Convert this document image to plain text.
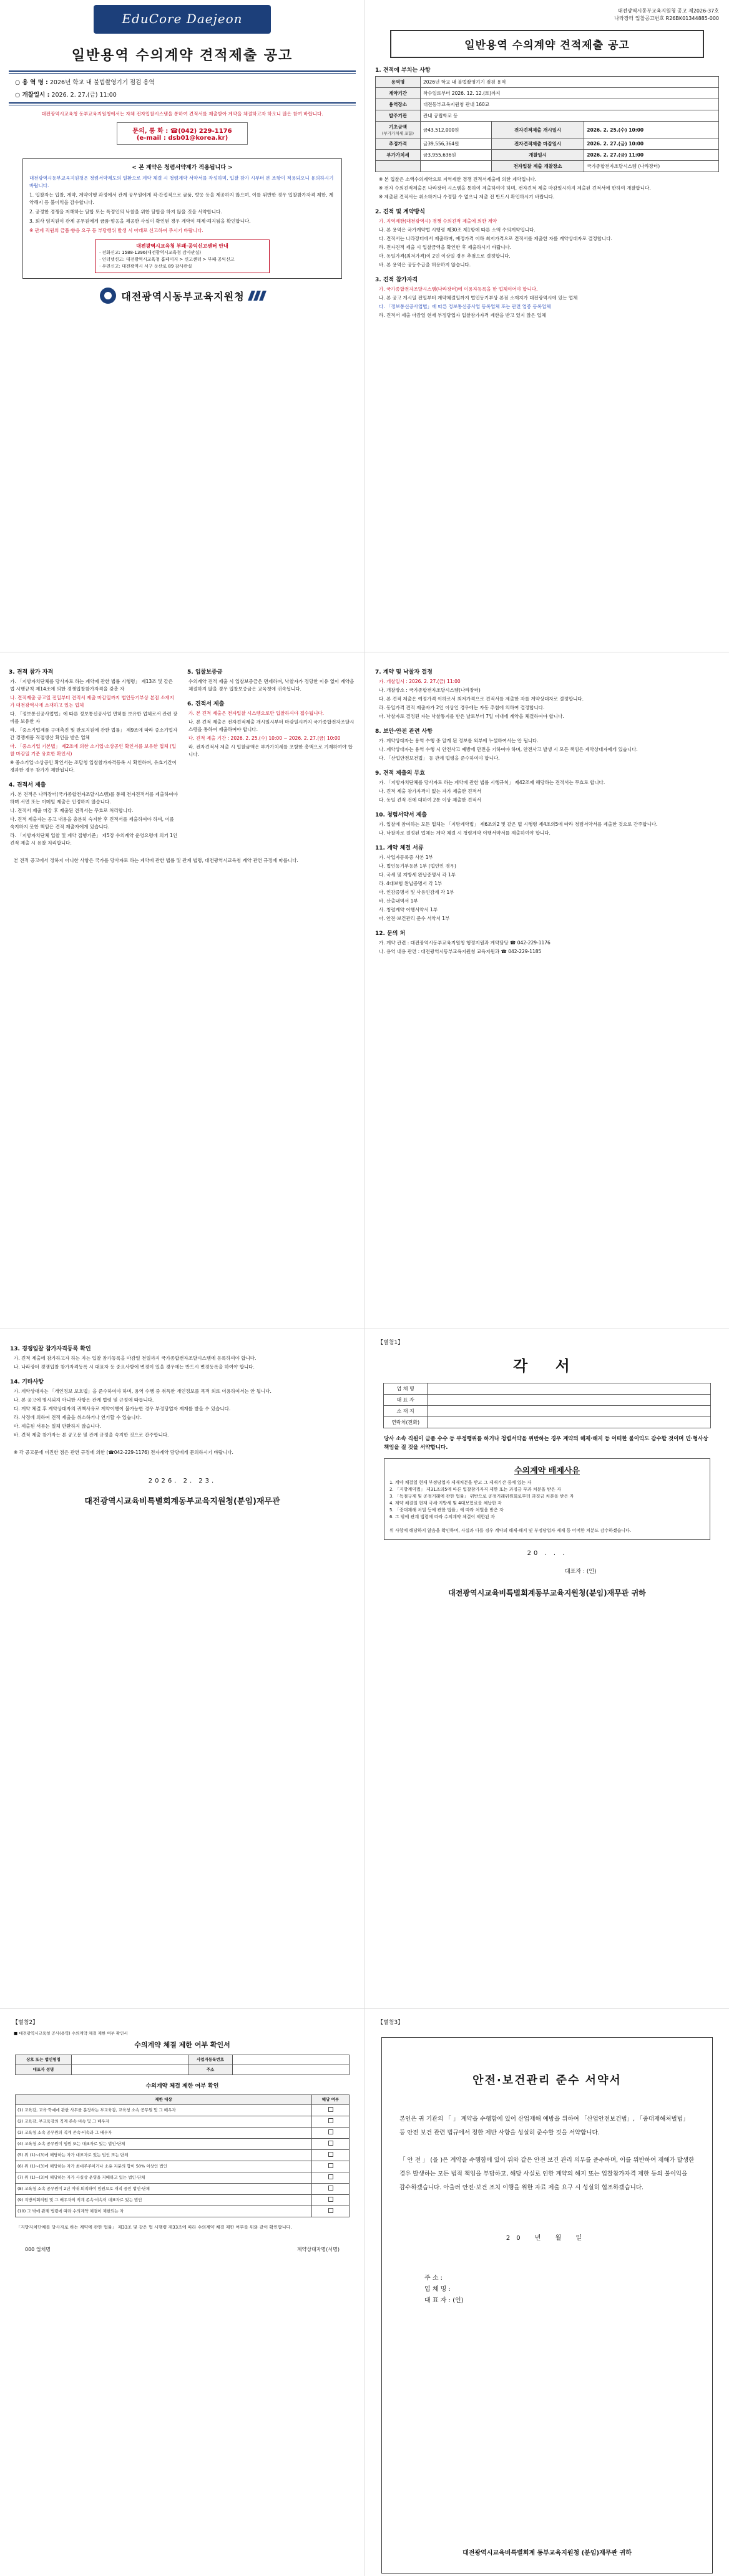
EduCore Daejeon
일반용역 수의계약 견적제출 공고
○ 용 역 명 : 2026년 학교 내 불법촬영기기 점검 용역
○ 개찰일시 : 2026. 2. 27.(금) 11:00
대전광역시교육청 동부교육지원청에서는 자체 전자입찰시스템을 통하여 견적서를 제출받아 계약을 체결하고자 하오니 많은 참여 바랍니다.
문의, 통 화 : ☎(042) 229-1176
(e-mail : dsb01@korea.kr)
< 본 계약은 청렴서약제가 적용됩니다 >

대전광역시동부교육지원청은 청렴서약제도의 일환으로 계약 체결 시 청렴계약 서약서를 작성하며, 입찰 참가 시부터 본 조항이 적용되오니 유의하시기 바랍니다.

1. 입찰자는 입찰, 계약, 계약이행 과정에서 관계 공무원에게 직·간접적으로 금품, 향응 등을 제공하지 않으며, 이를 위반한 경우 입찰참가자격 제한, 계약해지 등 불이익을 감수합니다.

2. 공정한 경쟁을 저해하는 담합 또는 특정인의 낙찰을 위한 담합을 하지 않을 것을 서약합니다.

3. 회사 임직원이 관계 공무원에게 금품·향응을 제공한 사실이 확인된 경우 계약이 해제·해지됨을 확인합니다.

※ 관계 직원의 금품·향응 요구 등 부당행위 발생 시 아래로 신고하여 주시기 바랍니다.

대전광역시교육청 부패·공익신고센터 안내
· 전화신고: 1588-1396(대전광역시교육청 감사관실)
· 인터넷신고: 대전광역시교육청 홈페이지 > 신고센터 > 부패·공익신고
· 우편신고: 대전광역시 서구 둔산로 89 감사관실
대전광역시동부교육지원청
대전광역시동부교육지원청 공고 제2026-37호
나라장터 입찰공고번호 R26BK01344885-000
일반용역 수의계약 견적제출 공고
1. 견적에 부치는 사항
용역명	2026년 학교 내 불법촬영기기 점검 용역		
계약기간	착수일로부터 2026. 12. 12.(토)까지		
용역장소	대전동부교육지원청 관내 160교		
발주기관	관내 공립학교 등		
기초금액
(부가가치세 포함)	금43,512,000원	전자견적제출 개시일시	2026. 2. 25.(수) 10:00
추정가격	금39,556,364원	전자견적제출 마감일시	2026. 2. 27.(금) 10:00
부가가치세	금3,955,636원	개찰일시	2026. 2. 27.(금) 11:00
		전자입찰 제출 개찰장소	국가종합전자조달시스템 (나라장터)
※ 본 입찰은 소액수의계약으로 지역제한 경쟁 견적서제출에 의한 계약입니다.
※ 전자 수의견적제출은 나라장터 시스템을 통하여 제출하여야 하며, 전자견적 제출 마감일시까지 제출된 견적서에 한하여 개찰합니다.
※ 제출된 견적서는 취소하거나 수정할 수 없으니 제출 전 반드시 확인하시기 바랍니다.
2. 견적 및 계약방식
가. 지역제한(대전광역시) 경쟁 수의견적 제출에 의한 계약
나. 본 용역은 국가계약법 시행령 제30조 제1항에 따른 소액 수의계약입니다.
다. 견적서는 나라장터에서 제출하며, 예정가격 이하 최저가격으로 견적서를 제출한 자를 계약상대자로 결정합니다.
라. 전자견적 제출 시 입찰금액을 확인한 후 제출하시기 바랍니다.
마. 동일가격(최저가격)이 2인 이상일 경우 추첨으로 결정합니다.
바. 본 용역은 공동수급을 허용하지 않습니다.
3. 견적 참가자격
가. 국가종합전자조달시스템(나라장터)에 이용자등록을 한 업체이어야 합니다.
나. 본 공고 게시일 전일부터 계약체결일까지 법인등기부상 본점 소재지가 대전광역시에 있는 업체
다. 「정보통신공사업법」에 따른 정보통신공사업 등록업체 또는 관련 업종 등록업체
라. 견적서 제출 마감일 현재 부정당업자 입찰참가자격 제한을 받고 있지 않은 업체
3. 견적 참가 자격
가. 「지방자치단체를 당사자로 하는 계약에 관한 법률 시행령」 제13조 및 같은 법 시행규칙 제14조에 의한 경쟁입찰참가자격을 갖춘 자
나. 견적제출 공고일 전일부터 견적서 제출 마감일까지 법인등기부상 본점 소재지가 대전광역시에 소재하고 있는 업체
다. 「정보통신공사업법」에 따른 정보통신공사업 면허를 보유한 업체로서 관련 장비를 보유한 자
라. 「중소기업제품 구매촉진 및 판로지원에 관한 법률」 제9조에 따라 중소기업자간 경쟁제품 직접생산 확인을 받은 업체
마. 「중소기업 기본법」 제2조에 의한 소기업·소상공인 확인서를 보유한 업체 (입찰 마감일 기준 유효한 확인서)
※ 중소기업·소상공인 확인서는 조달청 입찰참가자격등록 시 확인하며, 유효기간이 경과한 경우 참가가 제한됩니다.
4. 견적서 제출
가. 본 견적은 나라장터(국가종합전자조달시스템)를 통해 전자견적서를 제출하여야 하며 서면 또는 이메일 제출은 인정하지 않습니다.
나. 견적서 제출 마감 후 제출된 견적서는 무효로 처리합니다.
다. 견적 제출자는 공고 내용을 충분히 숙지한 후 견적서를 제출하여야 하며, 이를 숙지하지 못한 책임은 견적 제출자에게 있습니다.
라. 「지방자치단체 입찰 및 계약 집행기준」 제5장 수의계약 운영요령에 의거 1인 견적 제출 시 유찰 처리합니다.
5. 입찰보증금
수의계약 견적 제출 시 입찰보증금은 면제하며, 낙찰자가 정당한 이유 없이 계약을 체결하지 않을 경우 입찰보증금은 교육청에 귀속됩니다.
6. 견적서 제출
가. 본 견적 제출은 전자입찰 시스템으로만 입찰하셔야 접수됩니다.
나. 본 견적 제출은 전자견적제출 개시일시부터 마감일시까지 국가종합전자조달시스템을 통하여 제출하여야 합니다.
다. 견적 제출 기간 : 2026. 2. 25.(수) 10:00 ~ 2026. 2. 27.(금) 10:00
라. 전자견적서 제출 시 입찰금액은 부가가치세를 포함한 총액으로 기재하여야 합니다.
본 견적 공고에서 정하지 아니한 사항은 국가를 당사자로 하는 계약에 관한 법률 및 관계 법령, 대전광역시교육청 계약 관련 규정에 따릅니다.
7. 계약 및 낙찰자 결정
가. 개찰일시 : 2026. 2. 27.(금) 11:00
나. 개찰장소 : 국가종합전자조달시스템(나라장터)
다. 본 견적 제출은 예정가격 이하로서 최저가격으로 견적서를 제출한 자를 계약상대자로 결정합니다.
라. 동일가격 견적 제출자가 2인 이상인 경우에는 자동 추첨에 의하여 결정합니다.
마. 낙찰자로 결정된 자는 낙찰통지를 받은 날로부터 7일 이내에 계약을 체결하여야 합니다.
8. 보안·안전 관련 사항
가. 계약상대자는 용역 수행 중 알게 된 정보를 외부에 누설하여서는 안 됩니다.
나. 계약상대자는 용역 수행 시 안전사고 예방에 만전을 기하여야 하며, 안전사고 발생 시 모든 책임은 계약상대자에게 있습니다.
다. 「산업안전보건법」 등 관계 법령을 준수하여야 합니다.
9. 견적 제출의 무효
가. 「지방자치단체를 당사자로 하는 계약에 관한 법률 시행규칙」 제42조에 해당하는 견적서는 무효로 합니다.
나. 견적 제출 참가자격이 없는 자가 제출한 견적서
다. 동일 견적 건에 대하여 2통 이상 제출한 견적서
10. 청렴서약서 제출
가. 입찰에 참여하는 모든 업체는 「지방계약법」 제6조의2 및 같은 법 시행령 제4조의5에 따라 청렴서약서를 제출한 것으로 간주합니다.
나. 낙찰자로 결정된 업체는 계약 체결 시 청렴계약 이행서약서를 제출하여야 합니다.
11. 계약 체결 서류
가. 사업자등록증 사본 1부
나. 법인등기부등본 1부 (법인인 경우)
다. 국세 및 지방세 완납증명서 각 1부
라. 4대보험 완납증명서 각 1부
마. 인감증명서 및 사용인감계 각 1부
바. 산출내역서 1부
사. 청렴계약 이행서약서 1부
아. 안전·보건관리 준수 서약서 1부
12. 문의 처
가. 계약 관련 : 대전광역시동부교육지원청 행정지원과 계약담당 ☎ 042-229-1176
나. 용역 내용 관련 : 대전광역시동부교육지원청 교육지원과 ☎ 042-229-1185
13. 경쟁입찰 참가자격등록 확인
가. 견적 제출에 참가하고자 하는 자는 입찰 참가등록을 마감일 전일까지 국가종합전자조달시스템에 등록하여야 합니다.
나. 나라장터 경쟁입찰 참가자격등록 시 대표자 등 중요사항에 변경이 있을 경우에는 반드시 변경등록을 하여야 합니다.
14. 기타사항
가. 계약상대자는 「개인정보 보호법」을 준수하여야 하며, 용역 수행 중 취득한 개인정보를 목적 외로 이용하여서는 안 됩니다.
나. 본 공고에 명시되지 아니한 사항은 관계 법령 및 규정에 따릅니다.
다. 계약 체결 후 계약상대자의 귀책사유로 계약이행이 불가능한 경우 부정당업자 제재를 받을 수 있습니다.
라. 사정에 의하여 견적 제출을 취소하거나 연기할 수 있습니다.
마. 제출된 서류는 일체 반환하지 않습니다.
바. 견적 제출 참가자는 본 공고문 및 관계 규정을 숙지한 것으로 간주합니다.
※ 각 공고문에 미진한 점은 관련 규정에 의한 (☎042-229-1176) 전자계약 담당에게 문의하시기 바랍니다.
2026. 2. 23.
대전광역시교육비특별회계동부교육지원청(분임)재무관
【별첨1】
각 서
업 체 명	
대 표 자	
소 재 지	
연락처(전화)	
당사 소속 직원이 금품 수수 등 부정행위를 하거나 청렴서약을 위반하는 경우 계약의 해제·해지 등 어떠한 불이익도 감수할 것이며 민·형사상 책임을 질 것을 서약합니다.
수의계약 배제사유
1. 계약 체결일 현재 부정당업자 제재처분을 받고 그 제재기간 중에 있는 자
2. 「지방계약법」 제31조의5에 따른 입찰참가자격 제한 또는 과징금 부과 처분을 받은 자
3. 「독점규제 및 공정거래에 관한 법률」 위반으로 공정거래위원회로부터 과징금 처분을 받은 자
4. 계약 체결일 현재 국세·지방세 및 4대보험료를 체납한 자
5. 「중대재해 처벌 등에 관한 법률」에 따라 처벌을 받은 자
6. 그 밖에 관계 법령에 따라 수의계약 체결이 제한된 자

위 사항에 해당하지 않음을 확인하며, 사실과 다를 경우 계약의 해제·해지 및 부정당업자 제재 등 어떠한 처분도 감수하겠습니다.
20 . . .
대표자 : (인)
대전광역시교육비특별회계동부교육지원청(분임)재무관 귀하
【별첨2】
■ 대전광역시교육청 공사(용역) 수의계약 체결 제한 여부 확인서
수의계약 체결 제한 여부 확인서
상호 또는 법인명칭		사업자등록번호	
대표자 성명		주소	
수의계약 체결 제한 여부 확인
제한 대상	해당 여부
(1) 교육감, 교육·학예에 관한 사무를 분장하는 부교육감, 교육청 소속 공무원 및 그 배우자	
(2) 교육감, 부교육감의 직계 존속·비속 및 그 배우자	
(3) 교육청 소속 공무원의 직계 존속·비속과 그 배우자	
(4) 교육청 소속 공무원이 임원 또는 대표자로 있는 법인·단체	
(5) 위 (1)~(3)에 해당하는 자가 대표자로 있는 법인 또는 단체	
(6) 위 (1)~(3)에 해당하는 자가 최대주주이거나 소유 지분의 합이 50% 이상인 법인	
(7) 위 (1)~(3)에 해당하는 자가 사실상 운영을 지배하고 있는 법인·단체	
(8) 교육청 소속 공무원이 2년 이내 퇴직하여 임원으로 재직 중인 법인·단체	
(9) 지방의회의원 및 그 배우자의 직계 존속·비속이 대표자로 있는 법인	
(10) 그 밖에 관계 법령에 따라 수의계약 체결이 제한되는 자	
「지방자치단체를 당사자로 하는 계약에 관한 법률」 제33조 및 같은 법 시행령 제33조에 따라 수의계약 체결 제한 여부를 위와 같이 확인합니다.
000 업체명	계약상대자명(서명)
【별첨3】
안전·보건관리 준수 서약서
본인은 귀 기관의 「 」 계약을 수행함에 있어 산업재해 예방을 위하여 「산업안전보건법」, 「중대재해처벌법」 등 안전 보건 관련 법규에서 정한 제반 사항을 성실히 준수할 것을 서약합니다.

「 안 전 」 (을 )은 계약을 수행함에 있어 위와 같은 안전 보건 관리 의무를 준수하며, 이를 위반하여 재해가 발생한 경우 발생하는 모든 법적 책임을 부담하고, 해당 사실로 인한 계약의 해지 또는 입찰참가자격 제한 등의 불이익을 감수하겠습니다. 아울러 안전·보건 조치 이행을 위한 자료 제출 요구 시 성실히 협조하겠습니다.
20 년 월 일
주 소 :
업 체 명 :
대 표 자 : (인)
대전광역시교육비특별회계 동부교육지원청 (분임)재무관 귀하
